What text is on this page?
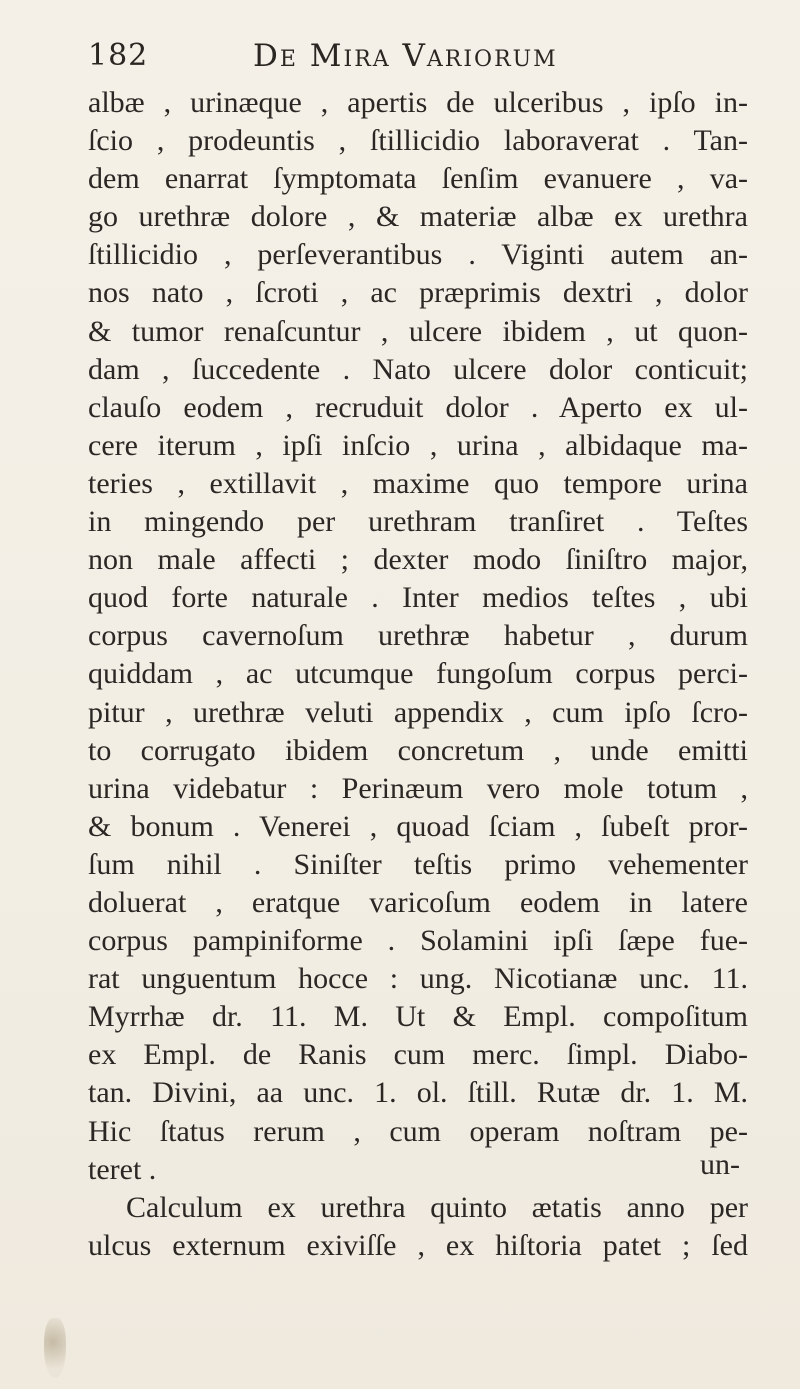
182	De Mira Variorum
albæ , urinæque , apertis de ulceribus , ipſo in-
ſcio , prodeuntis , ſtillicidio laboraverat . Tan-
dem enarrat ſymptomata ſenſim evanuere , va-
go urethræ dolore , & materiæ albæ ex urethra
ſtillicidio , perſeverantibus . Viginti autem an-
nos nato , ſcroti , ac præprimis dextri , dolor
& tumor renaſcuntur , ulcere ibidem , ut quon-
dam , ſuccedente . Nato ulcere dolor conticuit;
clauſo eodem , recruduit dolor . Aperto ex ul-
cere iterum , ipſi inſcio , urina , albidaque ma-
teries , extillavit , maxime quo tempore urina
in mingendo per urethram tranſiret . Teſtes
non male affecti ; dexter modo ſiniſtro major,
quod forte naturale . Inter medios teſtes , ubi
corpus cavernoſum urethræ habetur , durum
quiddam , ac utcumque fungoſum corpus perci-
pitur , urethræ veluti appendix , cum ipſo ſcro-
to corrugato ibidem concretum , unde emitti
urina videbatur : Perinæum vero mole totum ,
& bonum . Venerei , quoad ſciam , ſubeſt pror-
ſum nihil . Siniſter teſtis primo vehementer
doluerat , eratque varicoſum eodem in latere
corpus pampiniforme . Solamini ipſi ſæpe fue-
rat unguentum hocce : ung. Nicotianæ unc. 11.
Myrrhæ dr. 11. M. Ut & Empl. compoſitum
ex Empl. de Ranis cum merc. ſimpl. Diabo-
tan. Divini, aa unc. 1. ol. ſtill. Rutæ dr. 1. M.
Hic ſtatus rerum , cum operam noſtram pe-
teret .
Calculum ex urethra quinto ætatis anno per
ulcus externum exiviſſe , ex hiſtoria patet ; ſed
un-
